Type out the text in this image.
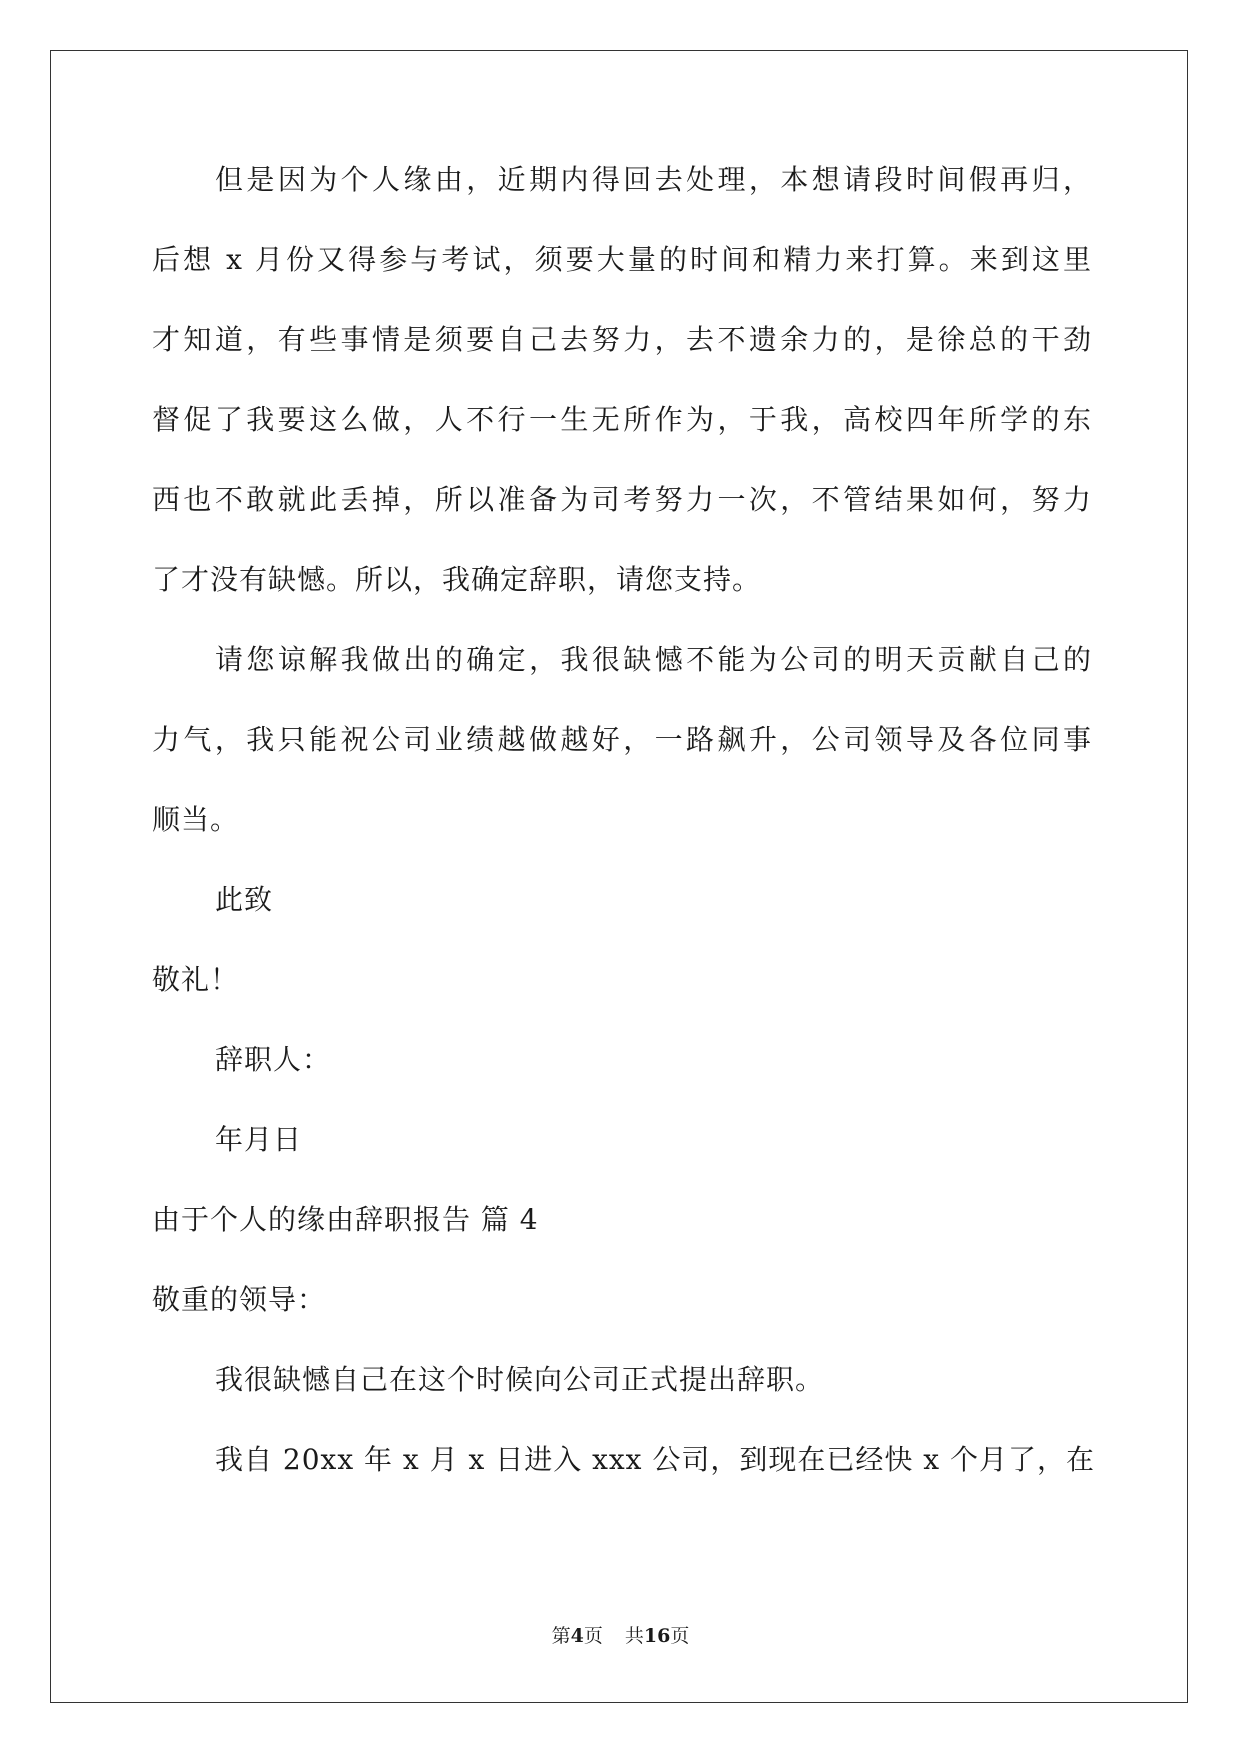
但是因为个人缘由，近期内得回去处理，本想请段时间假再归，
后想 x 月份又得参与考试，须要大量的时间和精力来打算。来到这里
才知道，有些事情是须要自己去努力，去不遗余力的，是徐总的干劲
督促了我要这么做，人不行一生无所作为，于我，高校四年所学的东
西也不敢就此丢掉，所以准备为司考努力一次，不管结果如何，努力
了才没有缺憾。所以，我确定辞职，请您支持。
请您谅解我做出的确定，我很缺憾不能为公司的明天贡献自己的
力气，我只能祝公司业绩越做越好，一路飙升，公司领导及各位同事
顺当。
此致
敬礼！
辞职人：
年月日
由于个人的缘由辞职报告 篇 4
敬重的领导：
我很缺憾自己在这个时候向公司正式提出辞职。
我自 20xx 年 x 月 x 日进入 xxx 公司，到现在已经快 x 个月了，在
第4页 共16页
